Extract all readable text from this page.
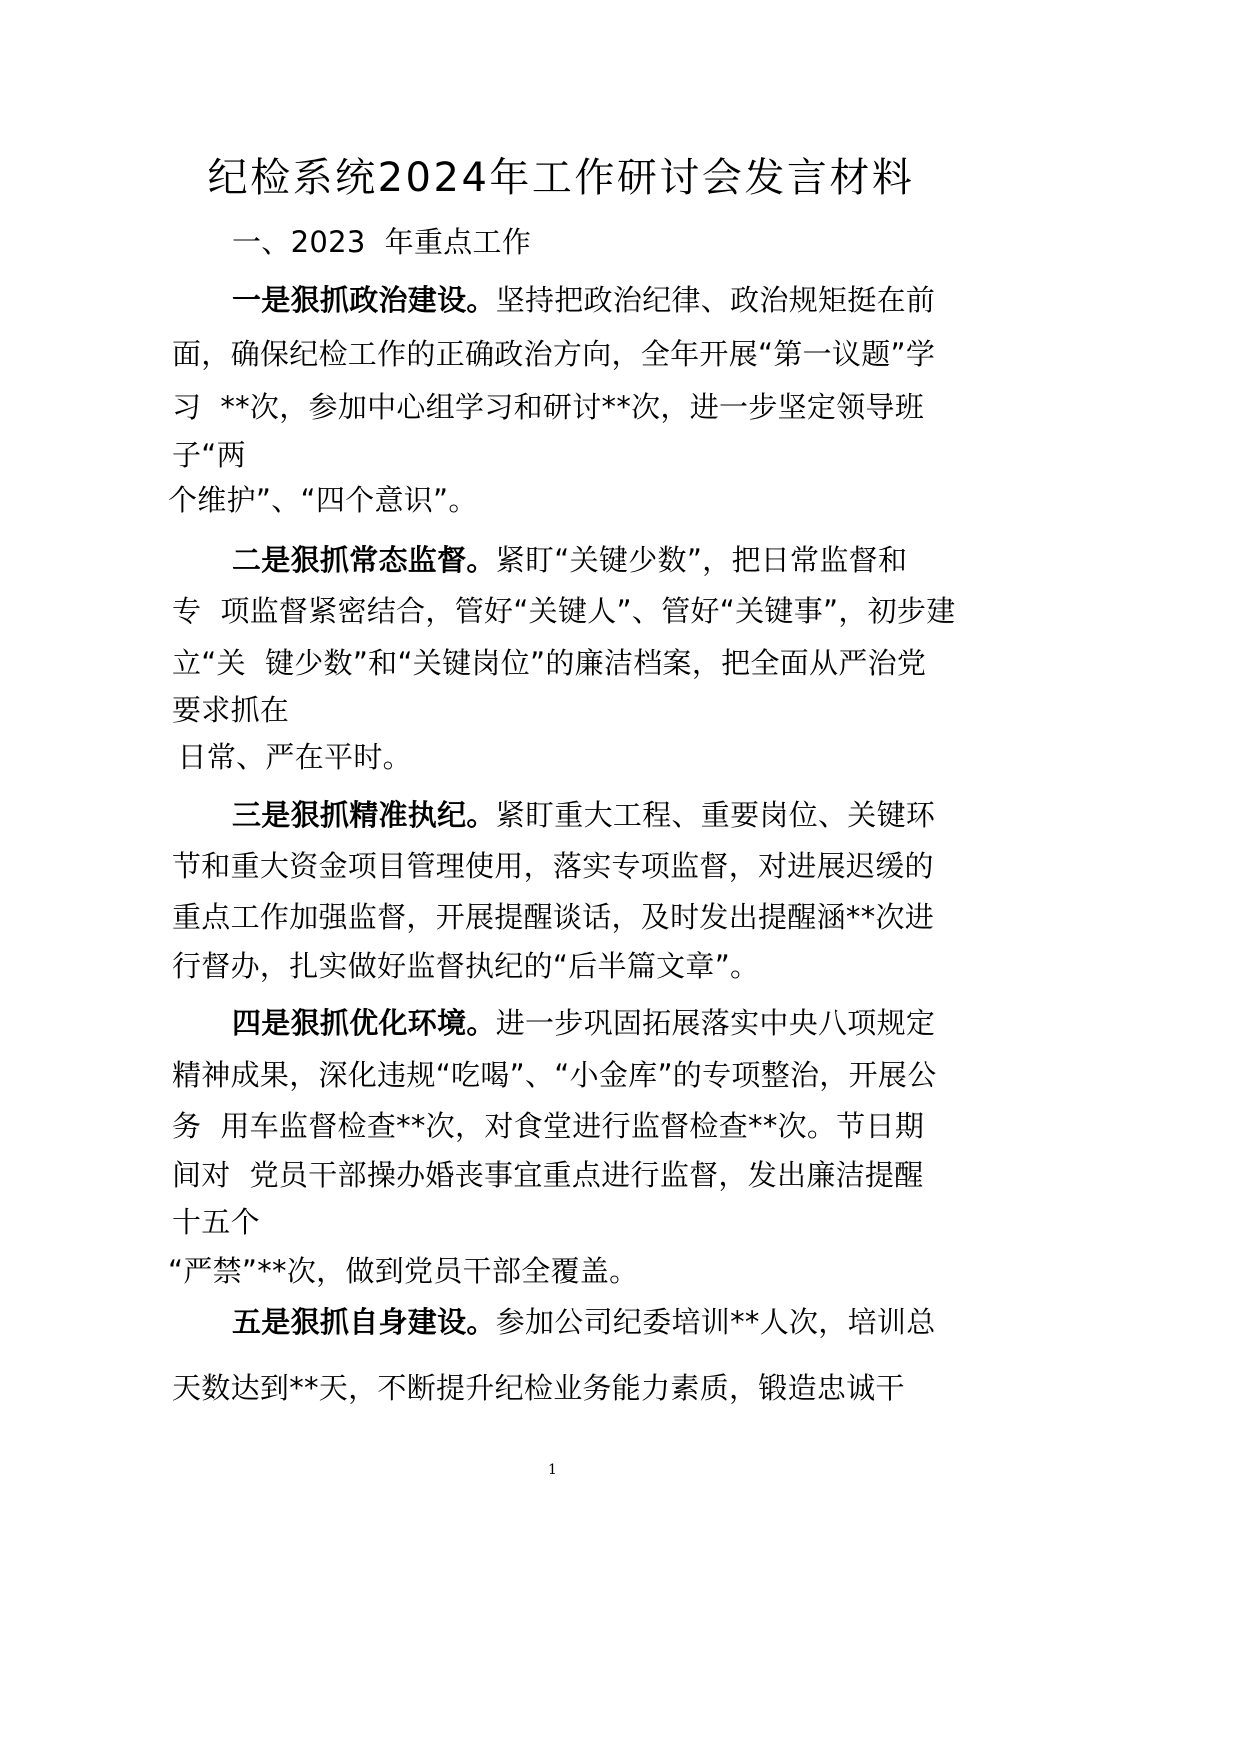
纪检系统2024年工作研讨会发言材料
一、2023  年重点工作
一是狠抓政治建设。坚持把政治纪律、政治规矩挺在前
面，确保纪检工作的正确政治方向，全年开展“第一议题”学
习  **次，参加中心组学习和研讨**次，进一步坚定领导班
子“两
个维护”、“四个意识”。
二是狠抓常态监督。紧盯“关键少数”，把日常监督和
专  项监督紧密结合，管好“关键人”、管好“关键事”，初步建
立“关  键少数”和“关键岗位”的廉洁档案，把全面从严治党
要求抓在
日常、严在平时。
三是狠抓精准执纪。紧盯重大工程、重要岗位、关键环
节和重大资金项目管理使用，落实专项监督，对进展迟缓的
重点工作加强监督，开展提醒谈话，及时发出提醒涵**次进
行督办，扎实做好监督执纪的“后半篇文章”。
四是狠抓优化环境。进一步巩固拓展落实中央八项规定
精神成果，深化违规“吃喝”、“小金库”的专项整治，开展公
务  用车监督检查**次，对食堂进行监督检查**次。节日期
间对  党员干部操办婚丧事宜重点进行监督，发出廉洁提醒
十五个
“严禁”**次，做到党员干部全覆盖。
五是狠抓自身建设。参加公司纪委培训**人次，培训总
天数达到**天，不断提升纪检业务能力素质，锻造忠诚干
1
